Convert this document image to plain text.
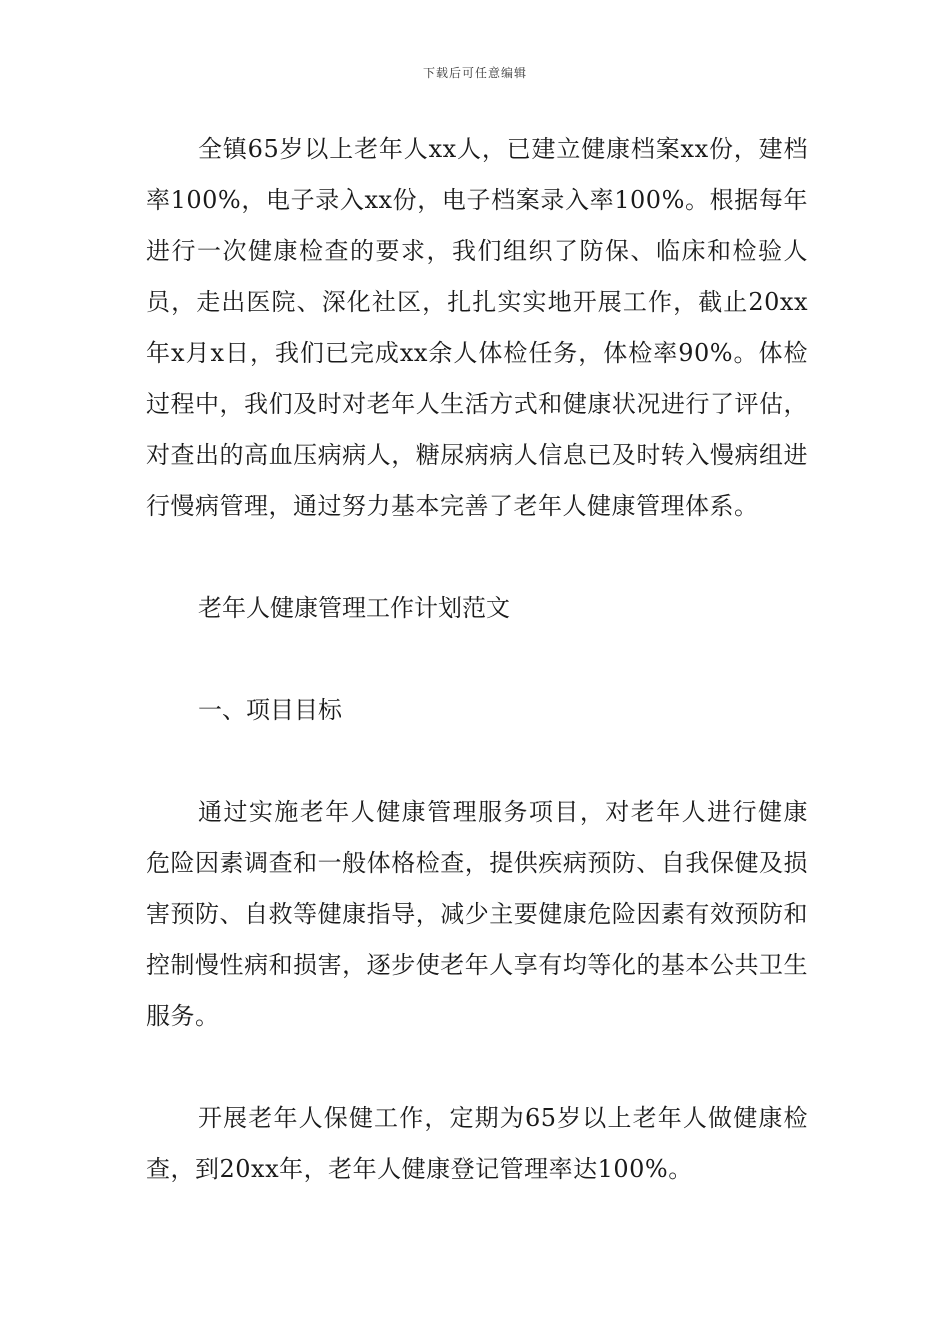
下载后可任意编辑

全镇65岁以上老年人xx人，已建立健康档案xx份，建档率100%，电子录入xx份，电子档案录入率100%。根据每年进行一次健康检查的要求，我们组织了防保、临床和检验人员，走出医院、深化社区，扎扎实实地开展工作，截止20xx年x月x日，我们已完成xx余人体检任务，体检率90%。体检过程中，我们及时对老年人生活方式和健康状况进行了评估，对查出的高血压病病人，糖尿病病人信息已及时转入慢病组进行慢病管理，通过努力基本完善了老年人健康管理体系。

老年人健康管理工作计划范文

一、项目目标

通过实施老年人健康管理服务项目，对老年人进行健康危险因素调查和一般体格检查，提供疾病预防、自我保健及损害预防、自救等健康指导，减少主要健康危险因素有效预防和控制慢性病和损害，逐步使老年人享有均等化的基本公共卫生服务。

开展老年人保健工作，定期为65岁以上老年人做健康检查，到20xx年，老年人健康登记管理率达100%。
